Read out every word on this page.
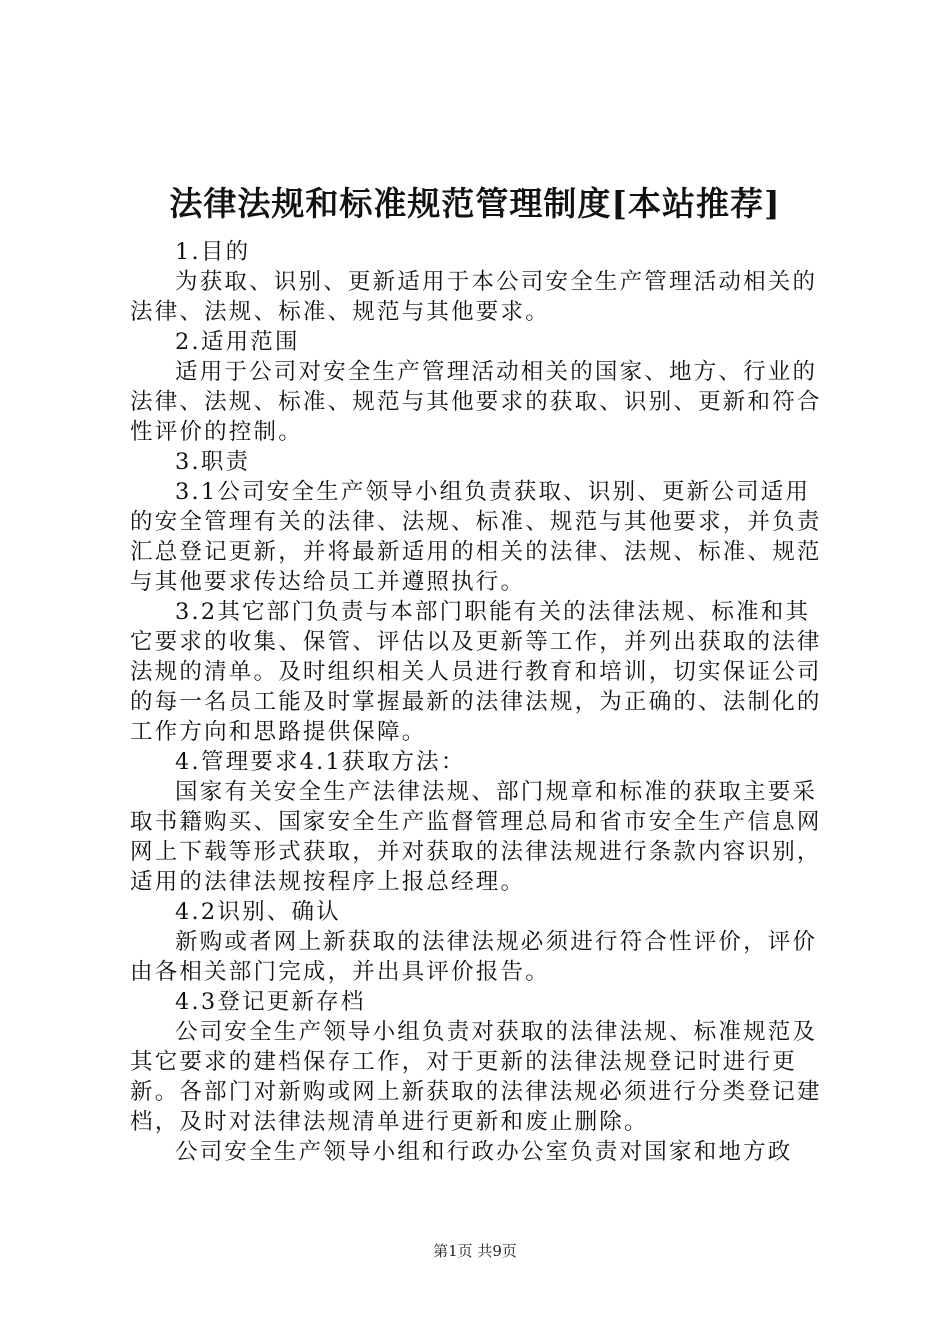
法律法规和标准规范管理制度[本站推荐]

1.目的

为获取、识别、更新适用于本公司安全生产管理活动相关的法律、法规、标准、规范与其他要求。

2.适用范围

适用于公司对安全生产管理活动相关的国家、地方、行业的法律、法规、标准、规范与其他要求的获取、识别、更新和符合性评价的控制。

3.职责

3.1公司安全生产领导小组负责获取、识别、更新公司适用的安全管理有关的法律、法规、标准、规范与其他要求，并负责汇总登记更新，并将最新适用的相关的法律、法规、标准、规范与其他要求传达给员工并遵照执行。

3.2其它部门负责与本部门职能有关的法律法规、标准和其它要求的收集、保管、评估以及更新等工作，并列出获取的法律法规的清单。及时组织相关人员进行教育和培训，切实保证公司的每一名员工能及时掌握最新的法律法规，为正确的、法制化的工作方向和思路提供保障。

4.管理要求4.1获取方法：

国家有关安全生产法律法规、部门规章和标准的获取主要采取书籍购买、国家安全生产监督管理总局和省市安全生产信息网网上下载等形式获取，并对获取的法律法规进行条款内容识别，适用的法律法规按程序上报总经理。

4.2识别、确认

新购或者网上新获取的法律法规必须进行符合性评价，评价由各相关部门完成，并出具评价报告。

4.3登记更新存档

公司安全生产领导小组负责对获取的法律法规、标准规范及其它要求的建档保存工作，对于更新的法律法规登记时进行更新。各部门对新购或网上新获取的法律法规必须进行分类登记建档，及时对法律法规清单进行更新和废止删除。

公司安全生产领导小组和行政办公室负责对国家和地方政

第1页 共9页
